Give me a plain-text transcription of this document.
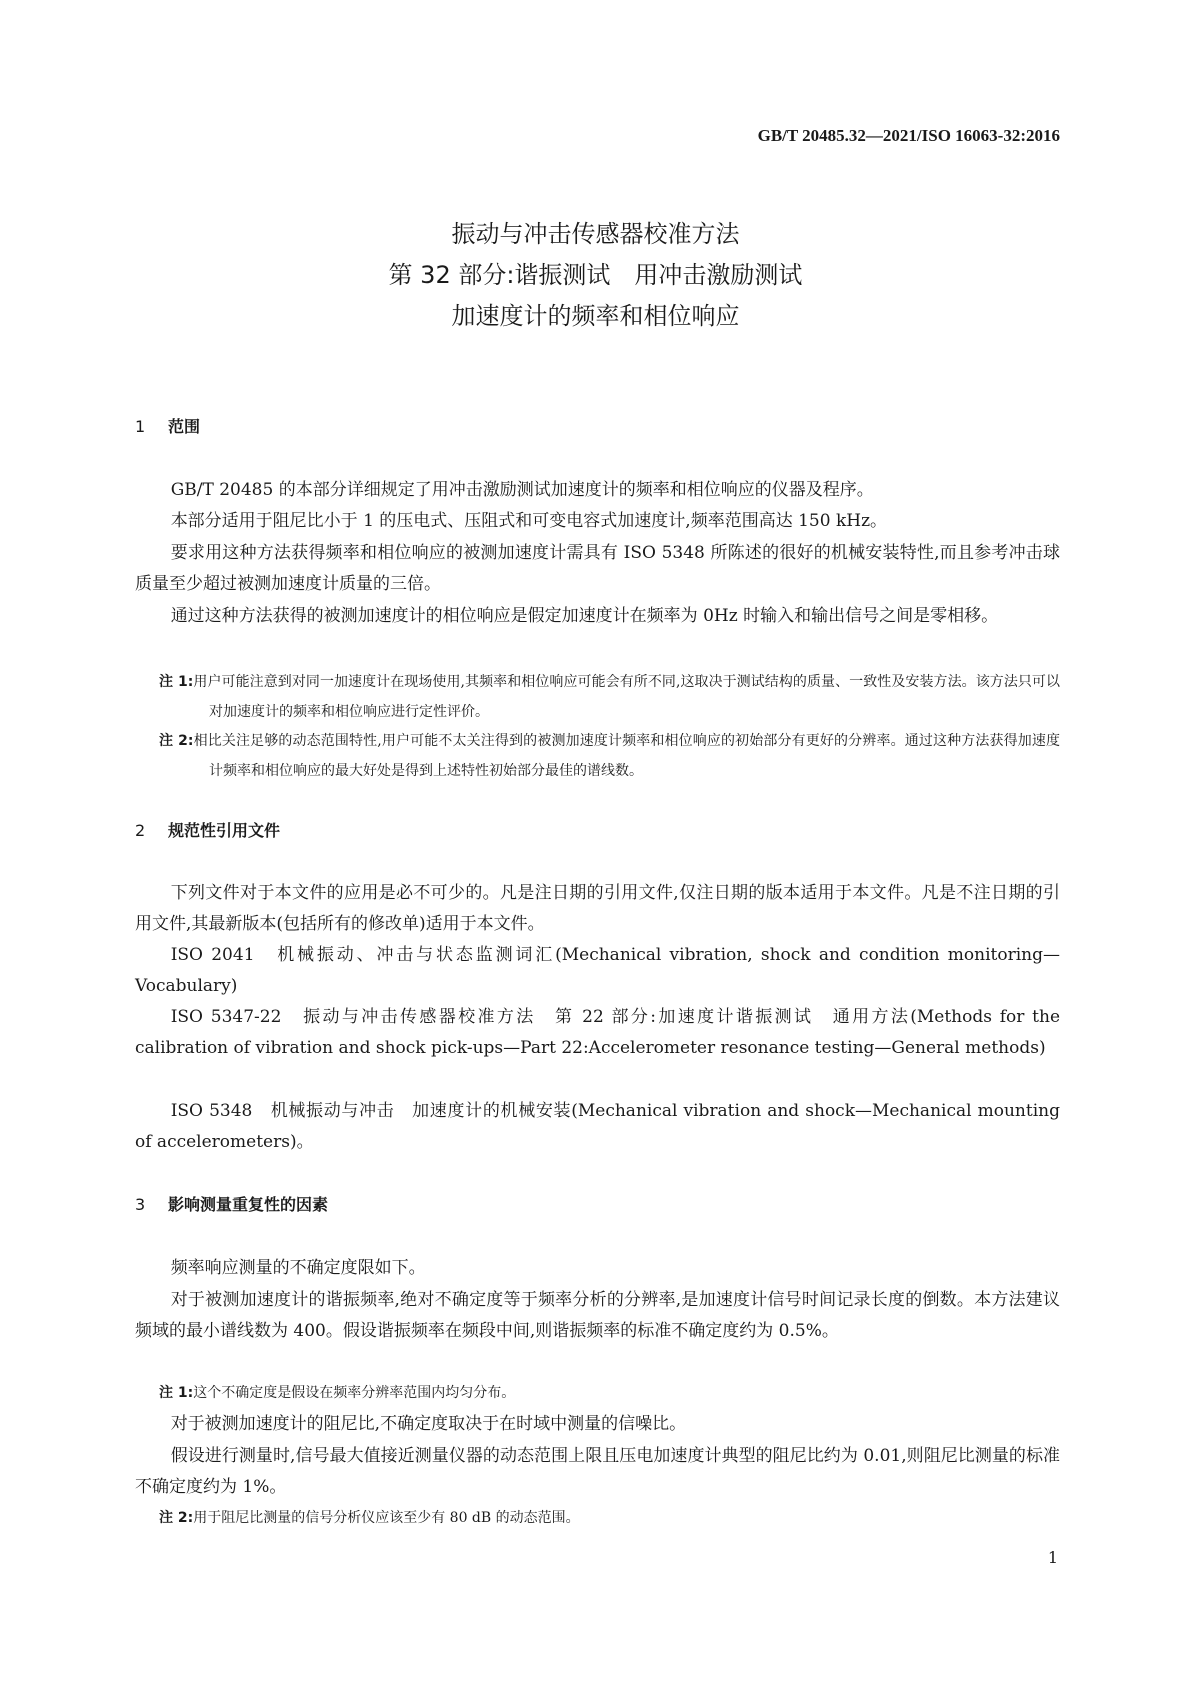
GB/T 20485.32—2021/ISO 16063-32:2016
振动与冲击传感器校准方法
第 32 部分:谐振测试　用冲击激励测试
加速度计的频率和相位响应
1 范围
GB/T 20485 的本部分详细规定了用冲击激励测试加速度计的频率和相位响应的仪器及程序。
本部分适用于阻尼比小于 1 的压电式、压阻式和可变电容式加速度计,频率范围高达 150 kHz。
要求用这种方法获得频率和相位响应的被测加速度计需具有 ISO 5348 所陈述的很好的机械安装特性,而且参考冲击球质量至少超过被测加速度计质量的三倍。
通过这种方法获得的被测加速度计的相位响应是假定加速度计在频率为 0Hz 时输入和输出信号之间是零相移。
注 1:用户可能注意到对同一加速度计在现场使用,其频率和相位响应可能会有所不同,这取决于测试结构的质量、一致性及安装方法。该方法只可以对加速度计的频率和相位响应进行定性评价。
注 2:相比关注足够的动态范围特性,用户可能不太关注得到的被测加速度计频率和相位响应的初始部分有更好的分辨率。通过这种方法获得加速度计频率和相位响应的最大好处是得到上述特性初始部分最佳的谱线数。
2 规范性引用文件
下列文件对于本文件的应用是必不可少的。凡是注日期的引用文件,仅注日期的版本适用于本文件。凡是不注日期的引用文件,其最新版本(包括所有的修改单)适用于本文件。
ISO 2041　机械振动、冲击与状态监测词汇(Mechanical vibration, shock and condition monitoring—Vocabulary)
ISO 5347-22　振动与冲击传感器校准方法　第 22 部分:加速度计谐振测试　通用方法(Methods for the calibration of vibration and shock pick-ups—Part 22:Accelerometer resonance testing—General methods)
ISO 5348　机械振动与冲击　加速度计的机械安装(Mechanical vibration and shock—Mechanical mounting of accelerometers)。
3 影响测量重复性的因素
频率响应测量的不确定度限如下。
对于被测加速度计的谐振频率,绝对不确定度等于频率分析的分辨率,是加速度计信号时间记录长度的倒数。本方法建议频域的最小谱线数为 400。假设谐振频率在频段中间,则谐振频率的标准不确定度约为 0.5%。
注 1:这个不确定度是假设在频率分辨率范围内均匀分布。
对于被测加速度计的阻尼比,不确定度取决于在时域中测量的信噪比。
假设进行测量时,信号最大值接近测量仪器的动态范围上限且压电加速度计典型的阻尼比约为 0.01,则阻尼比测量的标准不确定度约为 1%。
注 2:用于阻尼比测量的信号分析仪应该至少有 80 dB 的动态范围。
1
